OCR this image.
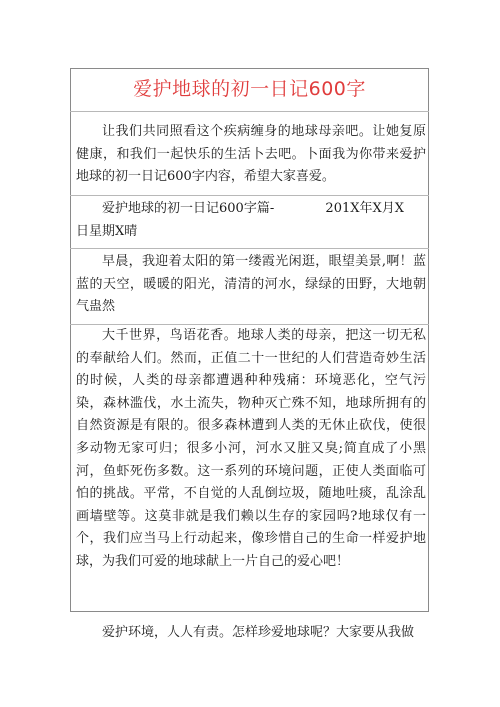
爱护地球的初一日记600字
让我们共同照看这个疾病缠身的地球母亲吧。让她复原健康，和我们一起快乐的生活卜去吧。卜面我为你带来爱护地球的初一日记600字内容，希望大家喜爱。
爱护地球的初一日记600字篇-	201X年X月X
日星期X晴
早晨，我迎着太阳的第一缕霞光闲逛，眼望美景,啊！蓝蓝的天空，暖暖的阳光，清清的河水，绿绿的田野，大地朝气蛊然
大千世界，鸟语花香。地球人类的母亲，把这一切无私的奉献给人们。然而，正值二十一世纪的人们营造奇妙生活的时候，人类的母亲都遭遇种种残痛：环境恶化，空气污染，森林滥伐，水土流失，物种灭亡殊不知，地球所拥有的自然资源是有限的。很多森林遭到人类的无休止砍伐，使很多动物无家可归；很多小河，河水又脏又臭;简直成了小黑河，鱼虾死伤多数。这一系列的环境问题，正使人类面临可怕的挑战。平常，不自觉的人乱倒垃圾，随地吐痰，乱涂乱画墙壁等。这莫非就是我们赖以生存的家园吗?地球仅有一个，我们应当马上行动起来，像珍惜自己的生命一样爱护地球，为我们可爱的地球献上一片自己的爱心吧！
爱护环境，人人有责。怎样珍爱地球呢？大家要从我做
